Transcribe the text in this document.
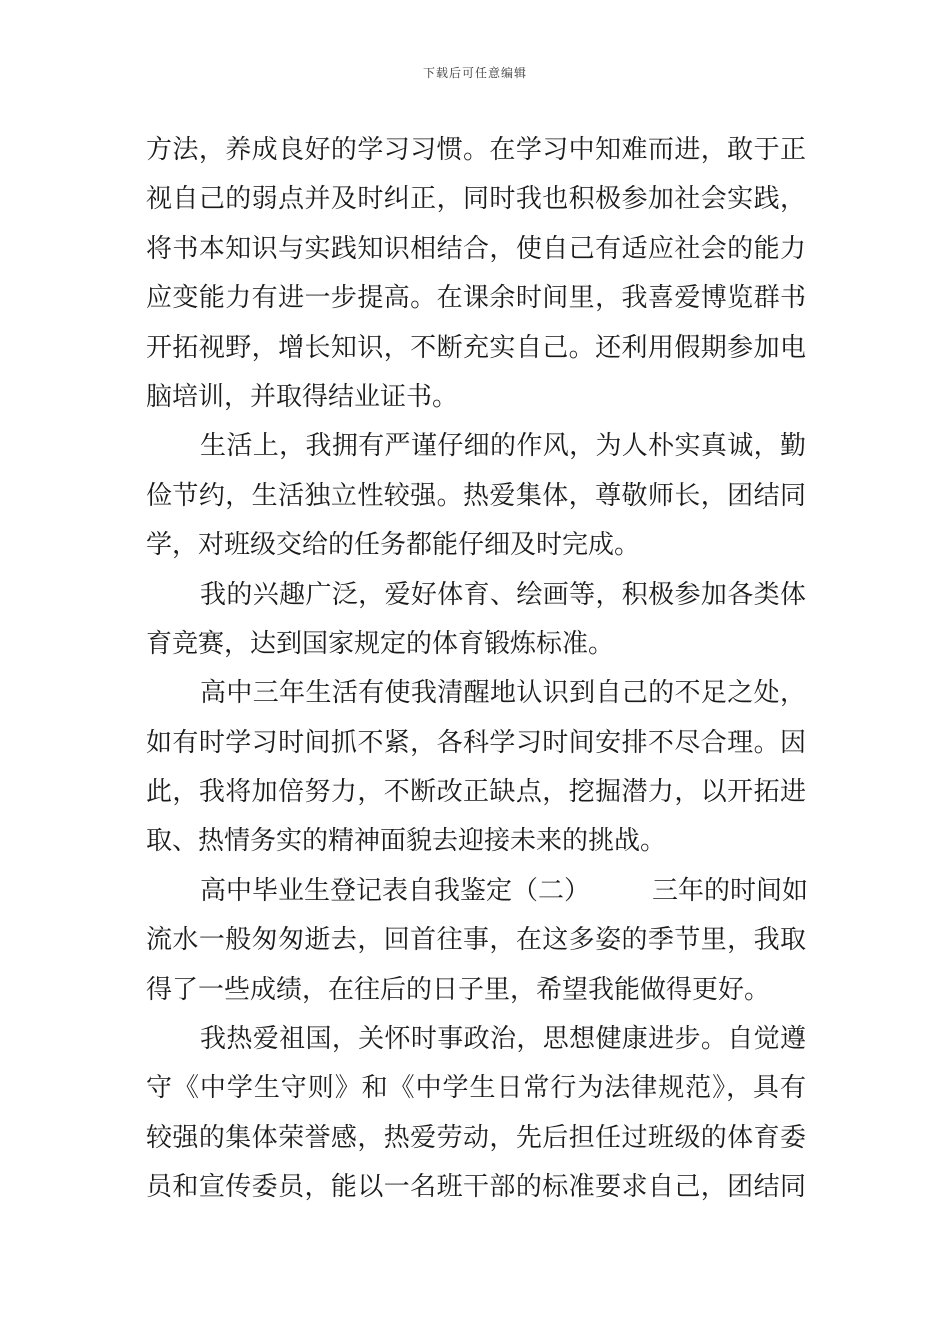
下载后可任意编辑
方法，养成良好的学习习惯。在学习中知难而进，敢于正
视自己的弱点并及时纠正，同时我也积极参加社会实践，
将书本知识与实践知识相结合，使自己有适应社会的能力
应变能力有进一步提高。在课余时间里，我喜爱博览群书
开拓视野，增长知识，不断充实自己。还利用假期参加电
脑培训，并取得结业证书。
生活上，我拥有严谨仔细的作风，为人朴实真诚，勤
俭节约，生活独立性较强。热爱集体，尊敬师长，团结同
学，对班级交给的任务都能仔细及时完成。
我的兴趣广泛，爱好体育、绘画等，积极参加各类体
育竞赛，达到国家规定的体育锻炼标准。
高中三年生活有使我清醒地认识到自己的不足之处，
如有时学习时间抓不紧，各科学习时间安排不尽合理。因
此，我将加倍努力，不断改正缺点，挖掘潜力，以开拓进
取、热情务实的精神面貌去迎接未来的挑战。
高中毕业生登记表自我鉴定（二） 三年的时间如
流水一般匆匆逝去，回首往事，在这多姿的季节里，我取
得了一些成绩，在往后的日子里，希望我能做得更好。
我热爱祖国，关怀时事政治，思想健康进步。自觉遵
守《中学生守则》和《中学生日常行为法律规范》，具有
较强的集体荣誉感，热爱劳动，先后担任过班级的体育委
员和宣传委员，能以一名班干部的标准要求自己，团结同
